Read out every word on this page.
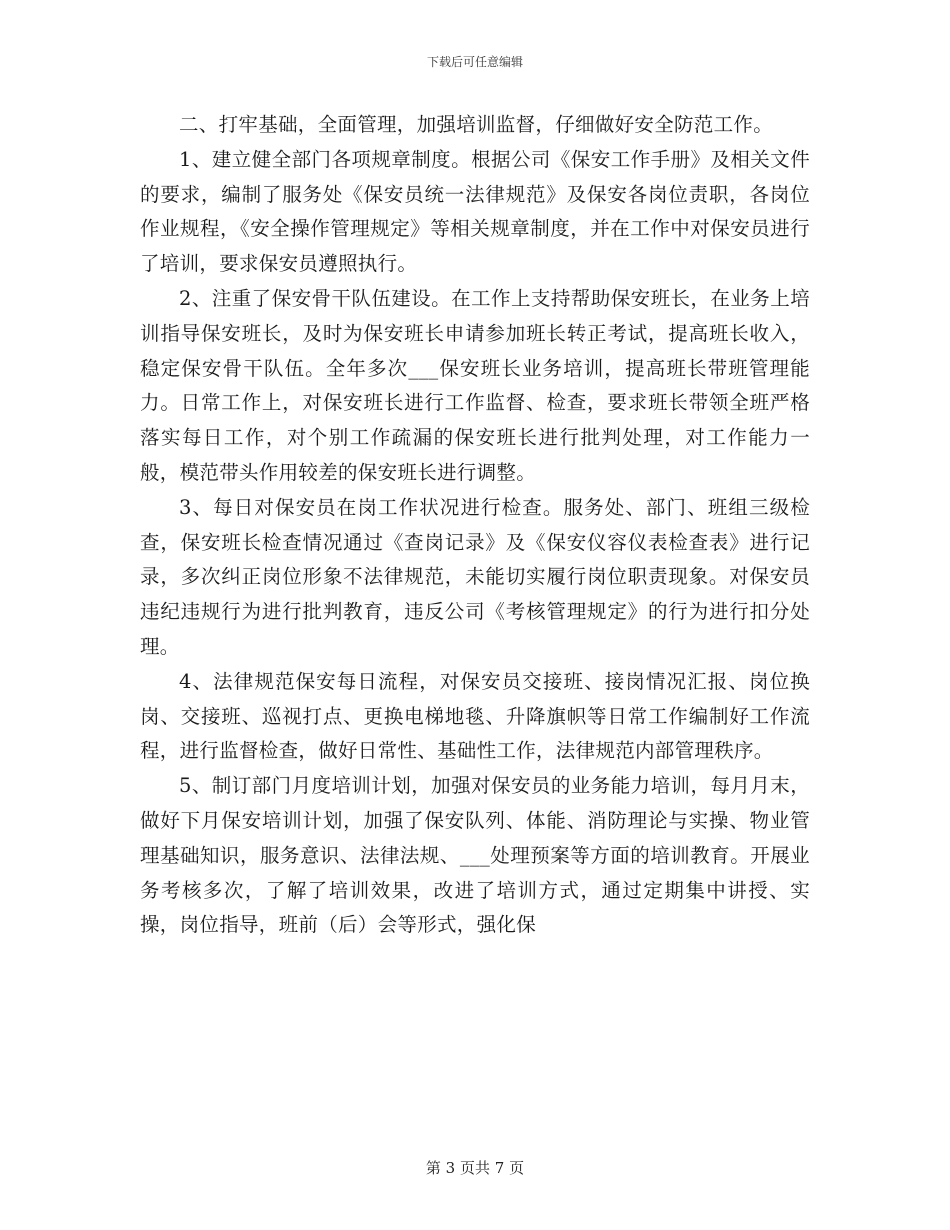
下载后可任意编辑

二、打牢基础，全面管理，加强培训监督，仔细做好安全防范工作。

1、建立健全部门各项规章制度。根据公司《保安工作手册》及相关文件的要求，编制了服务处《保安员统一法律规范》及保安各岗位责职，各岗位作业规程，《安全操作管理规定》等相关规章制度，并在工作中对保安员进行了培训，要求保安员遵照执行。

2、注重了保安骨干队伍建设。在工作上支持帮助保安班长，在业务上培训指导保安班长，及时为保安班长申请参加班长转正考试，提高班长收入，稳定保安骨干队伍。全年多次___保安班长业务培训，提高班长带班管理能力。日常工作上，对保安班长进行工作监督、检查，要求班长带领全班严格落实每日工作，对个别工作疏漏的保安班长进行批判处理，对工作能力一般，模范带头作用较差的保安班长进行调整。

3、每日对保安员在岗工作状况进行检查。服务处、部门、班组三级检查，保安班长检查情况通过《查岗记录》及《保安仪容仪表检查表》进行记录，多次纠正岗位形象不法律规范，未能切实履行岗位职责现象。对保安员违纪违规行为进行批判教育，违反公司《考核管理规定》的行为进行扣分处理。

4、法律规范保安每日流程，对保安员交接班、接岗情况汇报、岗位换岗、交接班、巡视打点、更换电梯地毯、升降旗帜等日常工作编制好工作流程，进行监督检查，做好日常性、基础性工作，法律规范内部管理秩序。

5、制订部门月度培训计划，加强对保安员的业务能力培训，每月月末，做好下月保安培训计划，加强了保安队列、体能、消防理论与实操、物业管理基础知识，服务意识、法律法规、___处理预案等方面的培训教育。开展业务考核多次，了解了培训效果，改进了培训方式，通过定期集中讲授、实操，岗位指导，班前（后）会等形式，强化保

第 3 页共 7 页
